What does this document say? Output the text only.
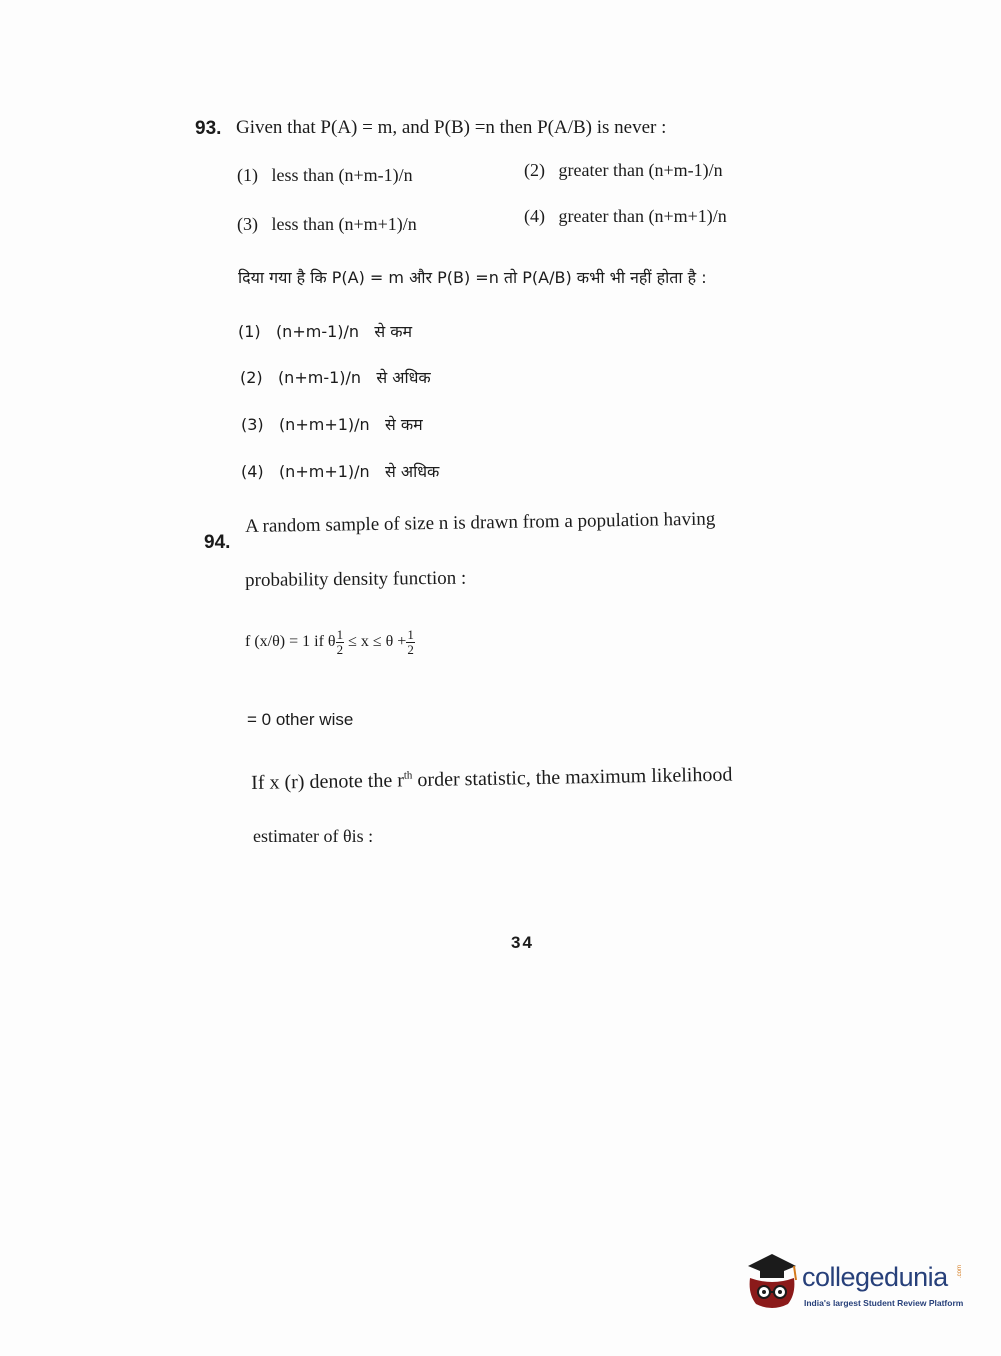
93. Given that P(A) = m, and P(B) =n then P(A/B) is never :
(1) less than (n+m-1)/n	(2) greater than (n+m-1)/n
(3) less than (n+m+1)/n	(4) greater than (n+m+1)/n
दिया गया है कि P(A) = m और P(B) =n तो P(A/B) कभी भी नहीं होता है :
(1) (n+m-1)/n से कम
(2) (n+m-1)/n से अधिक
(3) (n+m+1)/n से कम
(4) (n+m+1)/n से अधिक
94.
A random sample of size n is drawn from a population having
probability density function :
f (x/θ) = 1 if θ $\frac{1}{2} \le x \le \theta + \frac{1}{2}$
= 0 other wise
If x (r) denote the $r^{th}$ order statistic, the maximum likelihood
estimater of θis :
34
collegedunia .com
India's largest Student Review Platform
